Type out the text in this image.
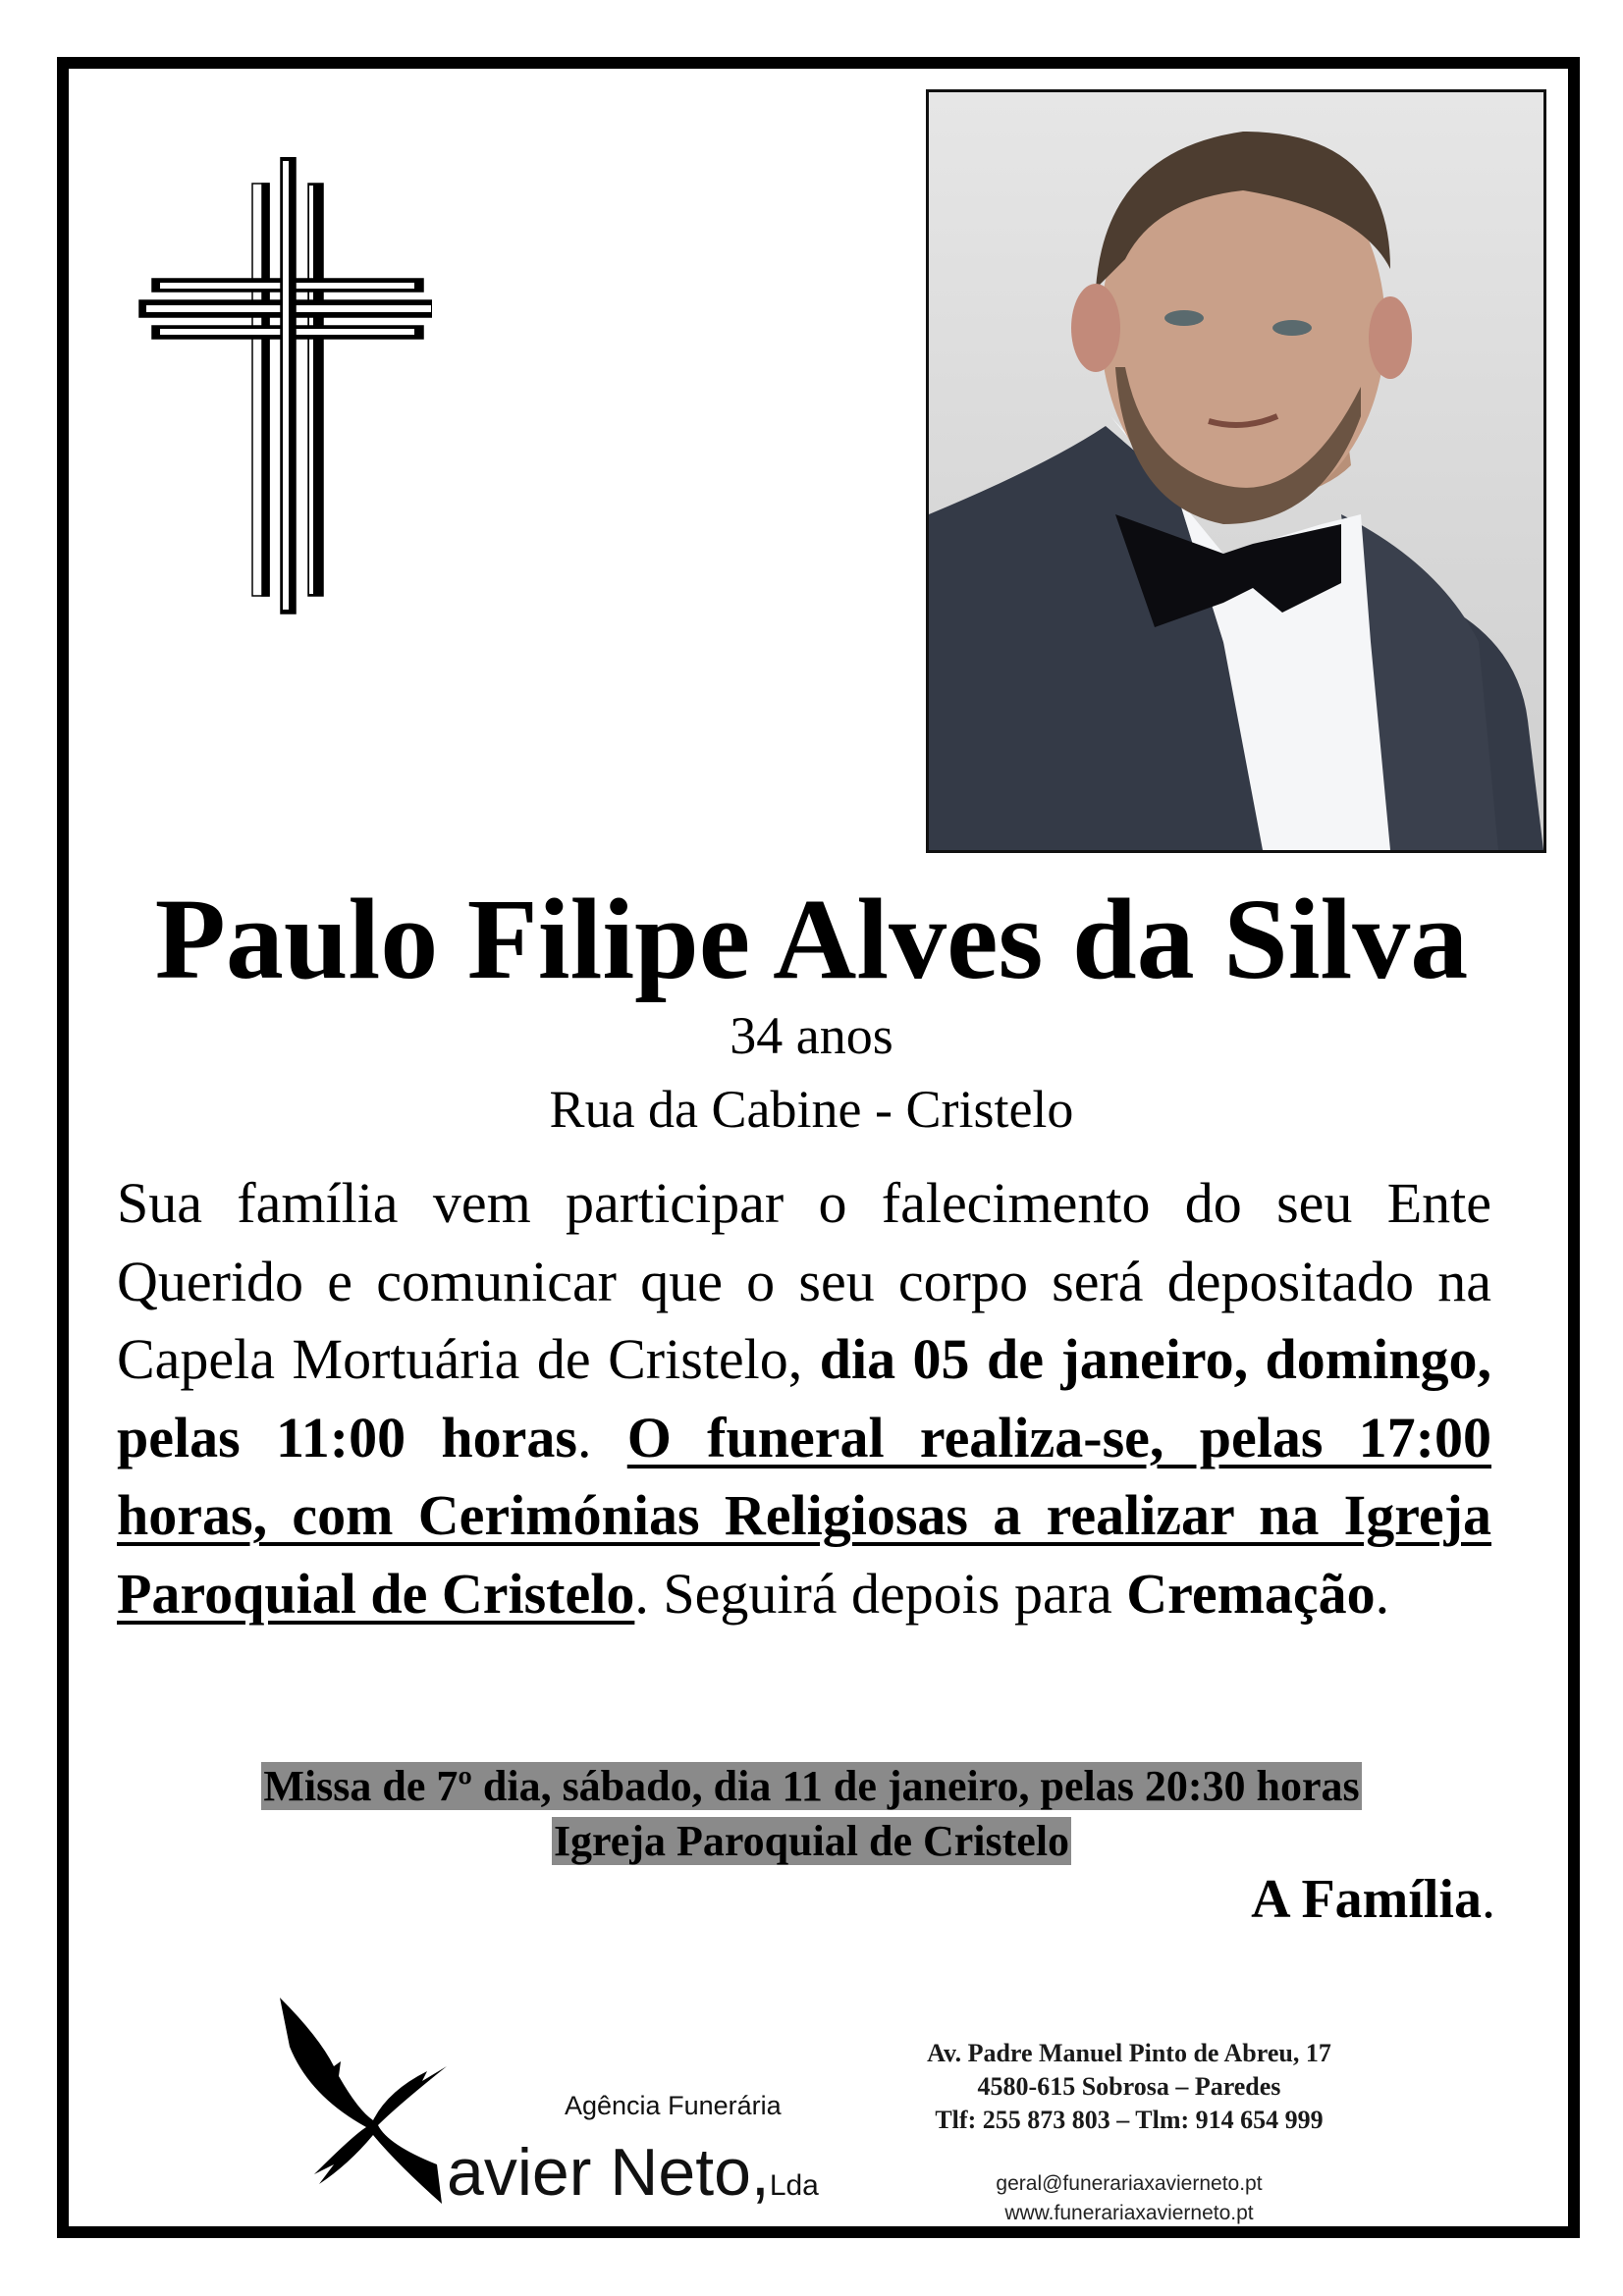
Paulo Filipe Alves da Silva
34 anos
Rua da Cabine - Cristelo
Sua família vem participar o falecimento do seu Ente Querido e comunicar que o seu corpo será depositado na Capela Mortuária de Cristelo, dia 05 de janeiro, domingo, pelas 11:00 horas. O funeral realiza-se, pelas 17:00 horas, com Cerimónias Religiosas a realizar na Igreja Paroquial de Cristelo. Seguirá depois para Cremação.
Missa de 7º dia, sábado, dia 11 de janeiro, pelas 20:30 horas
Igreja Paroquial de Cristelo
A Família.
Agência Funerária
avier Neto,Lda
Av. Padre Manuel Pinto de Abreu, 17
4580-615 Sobrosa – Paredes
Tlf: 255 873 803 – Tlm: 914 654 999
geral@funerariaxavierneto.pt
www.funerariaxavierneto.pt
